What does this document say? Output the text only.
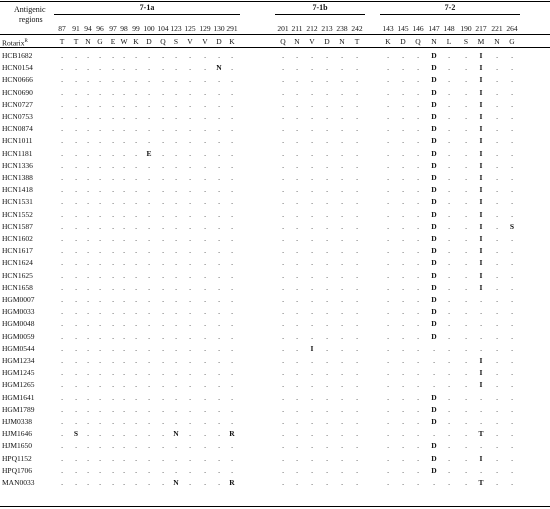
Antigenic
regions
7-1a	7-1b	7-2
87 91 94 96 97 98 99 100 104 123 125 129 130 291	201 211 212 213 238 242	143 145 146 147 148 190 217 221 264
Rotarix$^R$	T	T N G	E W K	D	Q	S	V	V	D	K	Q	N	V	D	N	T	K	D	Q	N	L	S	M	N	G
HCB1682	.	.	.	.	.	.	.	.	.	.	.	.	.	.	.	.	.	.	.	.	.	.	.	D	.	.	I	.	.
HCN0154	.	.	.	.	.	.	.	.	.	.	.	.	N	.	.	.	.	.	.	.	.	.	.	D	.	.	I	.	.
HCN0666	.	.	.	.	.	.	.	.	.	.	.	.	.	.	.	.	.	.	.	.	.	.	.	D	.	.	I	.	.
HCN0690	.	.	.	.	.	.	.	.	.	.	.	.	.	.	.	.	.	.	.	.	.	.	.	D	.	.	I	.	.
HCN0727	.	.	.	.	.	.	.	.	.	.	.	.	.	.	.	.	.	.	.	.	.	.	.	D	.	.	I	.	.
HCN0753	.	.	.	.	.	.	.	.	.	.	.	.	.	.	.	.	.	.	.	.	.	.	.	D	.	.	I	.	.
HCN0874	.	.	.	.	.	.	.	.	.	.	.	.	.	.	.	.	.	.	.	.	.	.	.	D	.	.	I	.	.
HCN1011	.	.	.	.	.	.	.	.	.	.	.	.	.	.	.	.	.	.	.	.	.	.	.	D	.	.	I	.	.
HCN1181	.	.	.	.	.	.	.	E	.	.	.	.	.	.	.	.	.	.	.	.	.	.	.	D	.	.	I	.	.
HCN1336	.	.	.	.	.	.	.	.	.	.	.	.	.	.	.	.	.	.	.	.	.	.	.	D	.	.	I	.	.
HCN1388	.	.	.	.	.	.	.	.	.	.	.	.	.	.	.	.	.	.	.	.	.	.	.	D	.	.	I	.	.
HCN1418	.	.	.	.	.	.	.	.	.	.	.	.	.	.	.	.	.	.	.	.	.	.	.	D	.	.	I	.	.
HCN1531	.	.	.	.	.	.	.	.	.	.	.	.	.	.	.	.	.	.	.	.	.	.	.	D	.	.	I	.	.
HCN1552	.	.	.	.	.	.	.	.	.	.	.	.	.	.	.	.	.	.	.	.	.	.	.	D	.	.	I	.	.
HCN1587	.	.	.	.	.	.	.	.	.	.	.	.	.	.	.	.	.	.	.	.	.	.	.	D	.	.	I	.	S
HCN1602	.	.	.	.	.	.	.	.	.	.	.	.	.	.	.	.	.	.	.	.	.	.	.	D	.	.	I	.	.
HCN1617	.	.	.	.	.	.	.	.	.	.	.	.	.	.	.	.	.	.	.	.	.	.	.	D	.	.	I	.	.
HCN1624	.	.	.	.	.	.	.	.	.	.	.	.	.	.	.	.	.	.	.	.	.	.	.	D	.	.	I	.	.
HCN1625	.	.	.	.	.	.	.	.	.	.	.	.	.	.	.	.	.	.	.	.	.	.	.	D	.	.	I	.	.
HCN1658	.	.	.	.	.	.	.	.	.	.	.	.	.	.	.	.	.	.	.	.	.	.	.	D	.	.	I	.	.
HGM0007	.	.	.	.	.	.	.	.	.	.	.	.	.	.	.	.	.	.	.	.	.	.	.	D	.	.	.	.	.
HGM0033	.	.	.	.	.	.	.	.	.	.	.	.	.	.	.	.	.	.	.	.	.	.	.	D	.	.	.	.	.
HGM0048	.	.	.	.	.	.	.	.	.	.	.	.	.	.	.	.	.	.	.	.	.	.	.	D	.	.	.	.	.
HGM0059	.	.	.	.	.	.	.	.	.	.	.	.	.	.	.	.	.	.	.	.	.	.	.	D	.	.	.	.	.
HGM0544	.	.	.	.	.	.	.	.	.	.	.	.	.	.	.	.	I	.	.	.	.	.	.	.	.	.	.	.	.
HGM1234	.	.	.	.	.	.	.	.	.	.	.	.	.	.	.	.	.	.	.	.	.	.	.	.	.	.	I	.	.
HGM1245	.	.	.	.	.	.	.	.	.	.	.	.	.	.	.	.	.	.	.	.	.	.	.	.	.	.	I	.	.
HGM1265	.	.	.	.	.	.	.	.	.	.	.	.	.	.	.	.	.	.	.	.	.	.	.	.	.	.	I	.	.
HGM1641	.	.	.	.	.	.	.	.	.	.	.	.	.	.	.	.	.	.	.	.	.	.	.	D	.	.	.	.	.
HGM1789	.	.	.	.	.	.	.	.	.	.	.	.	.	.	.	.	.	.	.	.	.	.	.	D	.	.	.	.	.
HJM0338	.	.	.	.	.	.	.	.	.	.	.	.	.	.	.	.	.	.	.	.	.	.	.	D	.	.	.	.	.
HJM1646	.	S	.	.	.	.	.	.	.	N	.	.	.	R	.	.	.	.	.	.	.	.	.	.	.	.	T	.	.
HJM1650	.	.	.	.	.	.	.	.	.	.	.	.	.	.	.	.	.	.	.	.	.	.	.	D	.	.	.	.	.
HPQ1152	.	.	.	.	.	.	.	.	.	.	.	.	.	.	.	.	.	.	.	.	.	.	.	D	.	.	I	.	.
HPQ1706	.	.	.	.	.	.	.	.	.	.	.	.	.	.	.	.	.	.	.	.	.	.	.	D	.	.	.	.	.
MAN0033	.	.	.	.	.	.	.	.	.	N	.	.	.	R	.	.	.	.	.	.	.	.	.	.	.	.	T	.	.
